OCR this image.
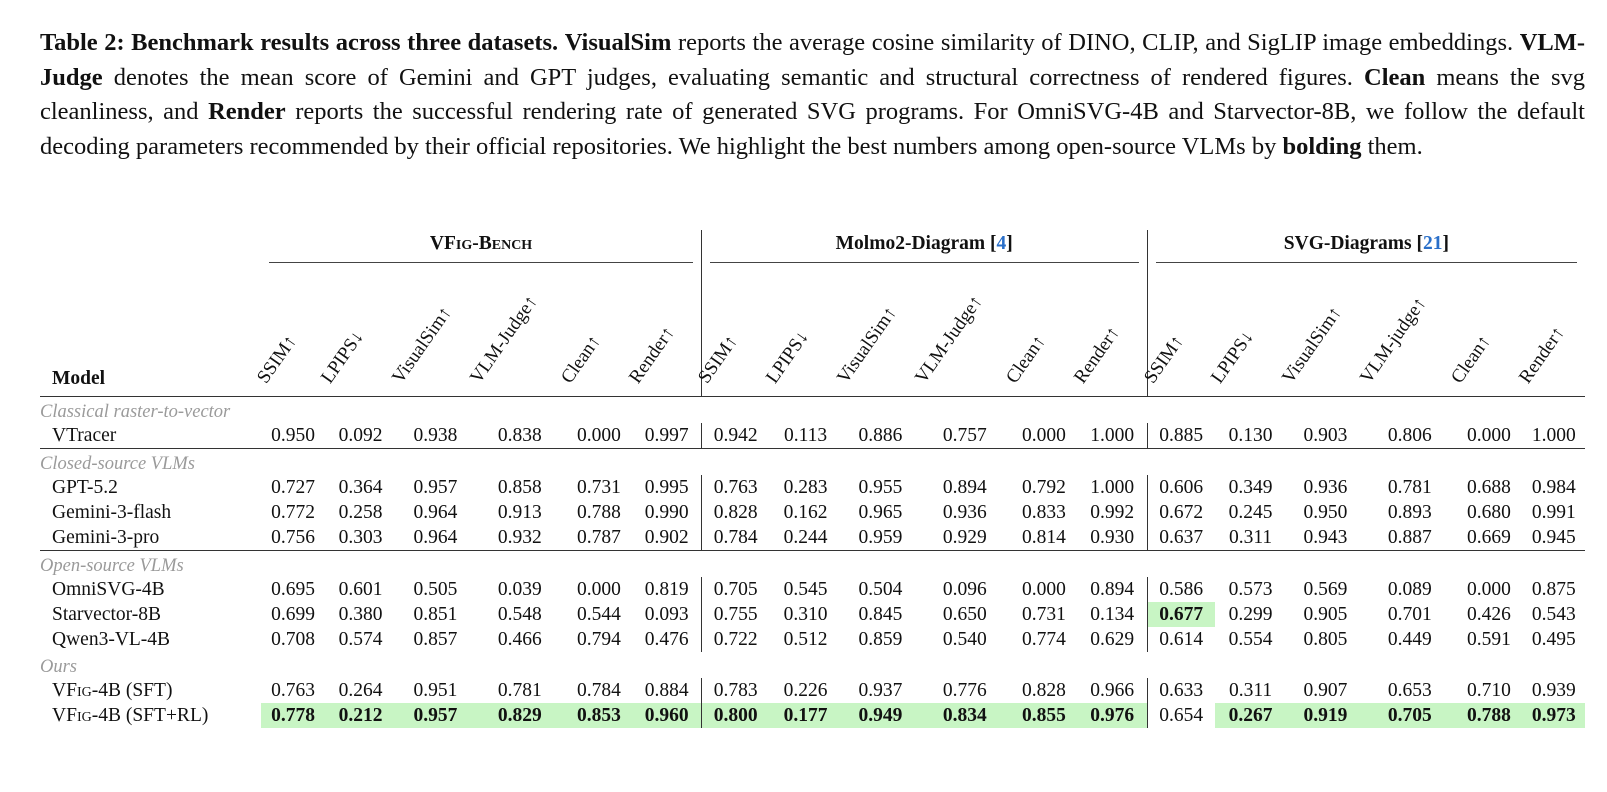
Table 2: Benchmark results across three datasets. VisualSim reports the average cosine similarity of DINO, CLIP, and SigLIP image embeddings. VLM-Judge denotes the mean score of Gemini and GPT judges, evaluating semantic and structural correctness of rendered figures. Clean means the svg cleanliness, and Render reports the successful rendering rate of generated SVG programs. For OmniSVG-4B and Starvector-8B, we follow the default decoding parameters recommended by their official repositories. We highlight the best numbers among open-source VLMs by bolding them.

	VFig-Bench						Molmo2-Diagram [4]						SVG-Diagrams [21]					

Model	SSIM↑	LPIPS↓	VisualSim↑	VLM-Judge↑	Clean↑	Render↑	SSIM↑	LPIPS↓	VisualSim↑	VLM-Judge↑	Clean↑	Render↑	SSIM↑	LPIPS↓	VisualSim↑	VLM-judge↑	Clean↑	Render↑

Classical raster-to-vector																		
VTracer	0.950	0.092	0.938	0.838	0.000	0.997	0.942	0.113	0.886	0.757	0.000	1.000	0.885	0.130	0.903	0.806	0.000	1.000
Closed-source VLMs																		
GPT-5.2	0.727	0.364	0.957	0.858	0.731	0.995	0.763	0.283	0.955	0.894	0.792	1.000	0.606	0.349	0.936	0.781	0.688	0.984
Gemini-3-flash	0.772	0.258	0.964	0.913	0.788	0.990	0.828	0.162	0.965	0.936	0.833	0.992	0.672	0.245	0.950	0.893	0.680	0.991
Gemini-3-pro	0.756	0.303	0.964	0.932	0.787	0.902	0.784	0.244	0.959	0.929	0.814	0.930	0.637	0.311	0.943	0.887	0.669	0.945
Open-source VLMs																		
OmniSVG-4B	0.695	0.601	0.505	0.039	0.000	0.819	0.705	0.545	0.504	0.096	0.000	0.894	0.586	0.573	0.569	0.089	0.000	0.875
Starvector-8B	0.699	0.380	0.851	0.548	0.544	0.093	0.755	0.310	0.845	0.650	0.731	0.134	0.677	0.299	0.905	0.701	0.426	0.543
Qwen3-VL-4B	0.708	0.574	0.857	0.466	0.794	0.476	0.722	0.512	0.859	0.540	0.774	0.629	0.614	0.554	0.805	0.449	0.591	0.495
Ours																		
VFig-4B (SFT)	0.763	0.264	0.951	0.781	0.784	0.884	0.783	0.226	0.937	0.776	0.828	0.966	0.633	0.311	0.907	0.653	0.710	0.939
VFig-4B (SFT+RL)	0.778	0.212	0.957	0.829	0.853	0.960	0.800	0.177	0.949	0.834	0.855	0.976	0.654	0.267	0.919	0.705	0.788	0.973
